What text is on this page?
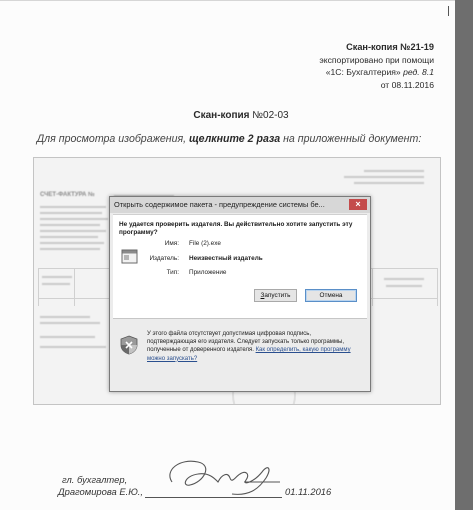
Скан-копия №21-19
экспортировано при помощи
«1С: Бухгалтерия» ред. 8.1
от 08.11.2016
Скан-копия №02-03
Для просмотра изображения, щелкните 2 раза на приложенный документ:
СЧЕТ-ФАКТУРА №
Открыть содержимое пакета - предупреждение системы бе...	×
Не удается проверить издателя. Вы действительно хотите запустить эту программу?
Имя: File (2).exe
Издатель: Неизвестный издатель
Тип: Приложение
Запустить	Отмена
У этого файла отсутствует допустимая цифровая подпись, подтверждающая его издателя. Следует запускать только программы, полученные от доверенного издателя. Как определить, какую программу можно запускать?
гл. бухгалтер,
Драгомирова Е.Ю.,	01.11.2016
